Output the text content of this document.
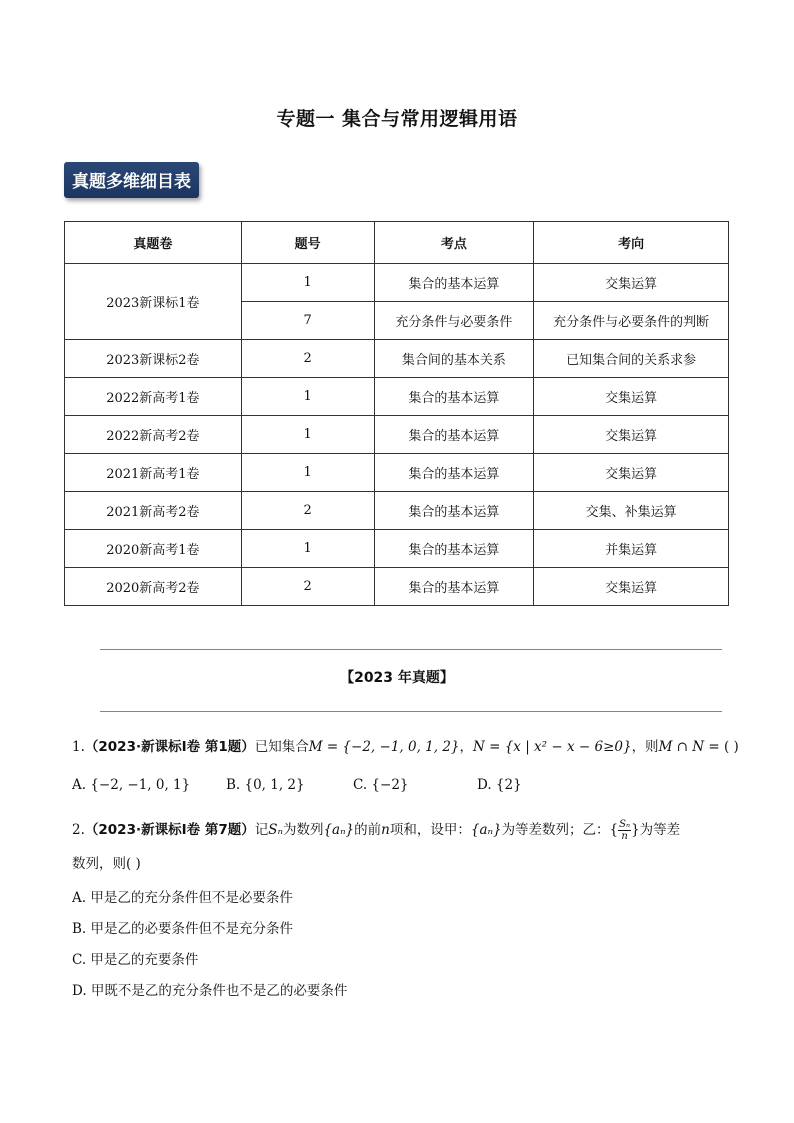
专题一 集合与常用逻辑用语
真题多维细目表
真题卷	题号	考点	考向
2023新课标1卷	1	集合的基本运算	交集运算
	7	充分条件与必要条件	充分条件与必要条件的判断
2023新课标2卷	2	集合间的基本关系	已知集合间的关系求参
2022新高考1卷	1	集合的基本运算	交集运算
2022新高考2卷	1	集合的基本运算	交集运算
2021新高考1卷	1	集合的基本运算	交集运算
2021新高考2卷	2	集合的基本运算	交集、补集运算
2020新高考1卷	1	集合的基本运算	并集运算
2020新高考2卷	2	集合的基本运算	交集运算
【2023 年真题】
1.（2023·新课标I卷 第1题）已知集合M = {−2, −1, 0, 1, 2}，N = {x | x² − x − 6≥0}，则M ∩ N = ( )
A. {−2, −1, 0, 1}	B. {0, 1, 2}	C. {−2}	D. {2}
2.（2023·新课标I卷 第7题）记Sₙ为数列{aₙ}的前n项和，设甲：{aₙ}为等差数列；乙：{ $\frac{\text{Sₙ}}{n}$ }为等差
数列，则( )
A. 甲是乙的充分条件但不是必要条件
B. 甲是乙的必要条件但不是充分条件
C. 甲是乙的充要条件
D. 甲既不是乙的充分条件也不是乙的必要条件
